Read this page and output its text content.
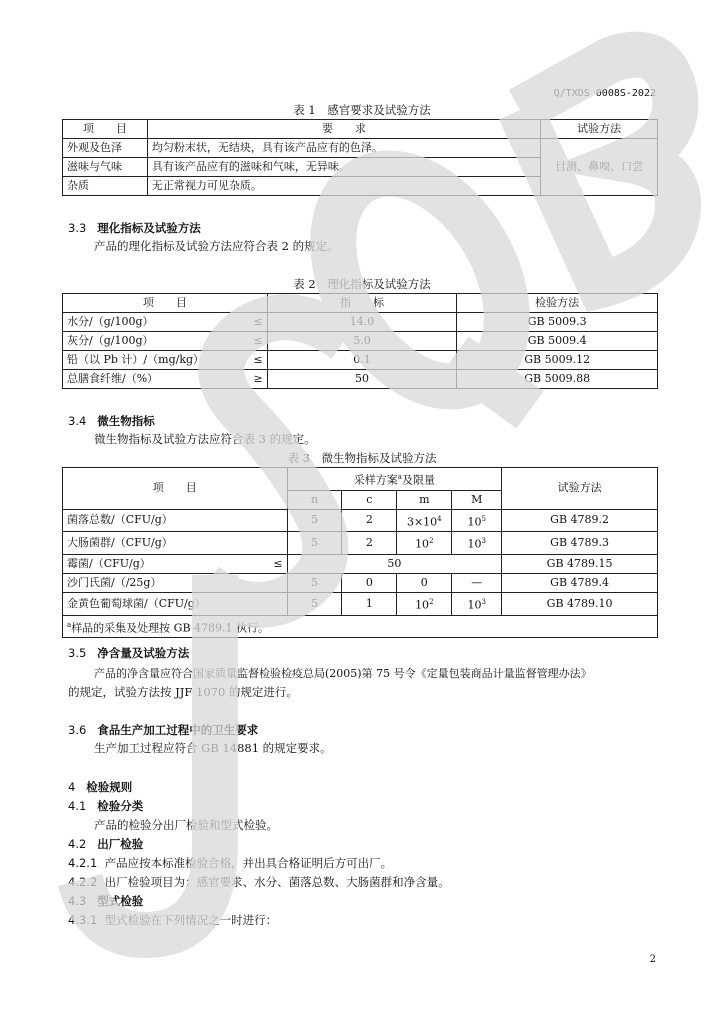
Q/TXDS 0008S-2022
表 1　感官要求及试验方法
项　　目	要　　求	试验方法
外观及色泽	均匀粉末状，无结块，具有该产品应有的色泽。	目测、鼻嗅、口尝
滋味与气味	具有该产品应有的滋味和气味，无异味。	
杂质	无正常视力可见杂质。	
3.3 理化指标及试验方法
产品的理化指标及试验方法应符合表 2 的规定。
表 2　理化指标及试验方法
项　　目		指　　标	检验方法
水分/（g/100g）	≤	14.0	GB 5009.3
灰分/（g/100g）	≤	5.0	GB 5009.4
铅（以 Pb 计）/（mg/kg）	≤	0.1	GB 5009.12
总膳食纤维/（%）	≥	50	GB 5009.88
3.4 微生物指标
微生物指标及试验方法应符合表 3 的规定。
表 3　微生物指标及试验方法
项　　目		采样方案$^a$及限量				试验方法
		n	c	m	M	
菌落总数/（CFU/g）		5	2	$3\times 10^4$	$10^5$	GB 4789.2
大肠菌群/（CFU/g）		5	2	$10^2$	$10^3$	GB 4789.3
霉菌/（CFU/g）	≤	50				GB 4789.15
沙门氏菌/（/25g）		5	0	0	—	GB 4789.4
金黄色葡萄球菌/（CFU/g）		5	1	$10^2$	$10^3$	GB 4789.10
$^a$样品的采集及处理按 GB 4789.1 执行。						
3.5 净含量及试验方法
产品的净含量应符合国家质量监督检验检疫总局(2005)第 75 号令《定量包装商品计量监督管理办法》
的规定，试验方法按 JJF 1070 的规定进行。
3.6 食品生产加工过程中的卫生要求
生产加工过程应符合 GB 14881 的规定要求。
4 检验规则
4.1 检验分类
产品的检验分出厂检验和型式检验。
4.2 出厂检验
4.2.1 产品应按本标准检验合格，并出具合格证明后方可出厂。
4.2.2 出厂检验项目为：感官要求、水分、菌落总数、大肠菌群和净含量。
4.3 型式检验
4.3.1 型式检验在下列情况之一时进行：
2
